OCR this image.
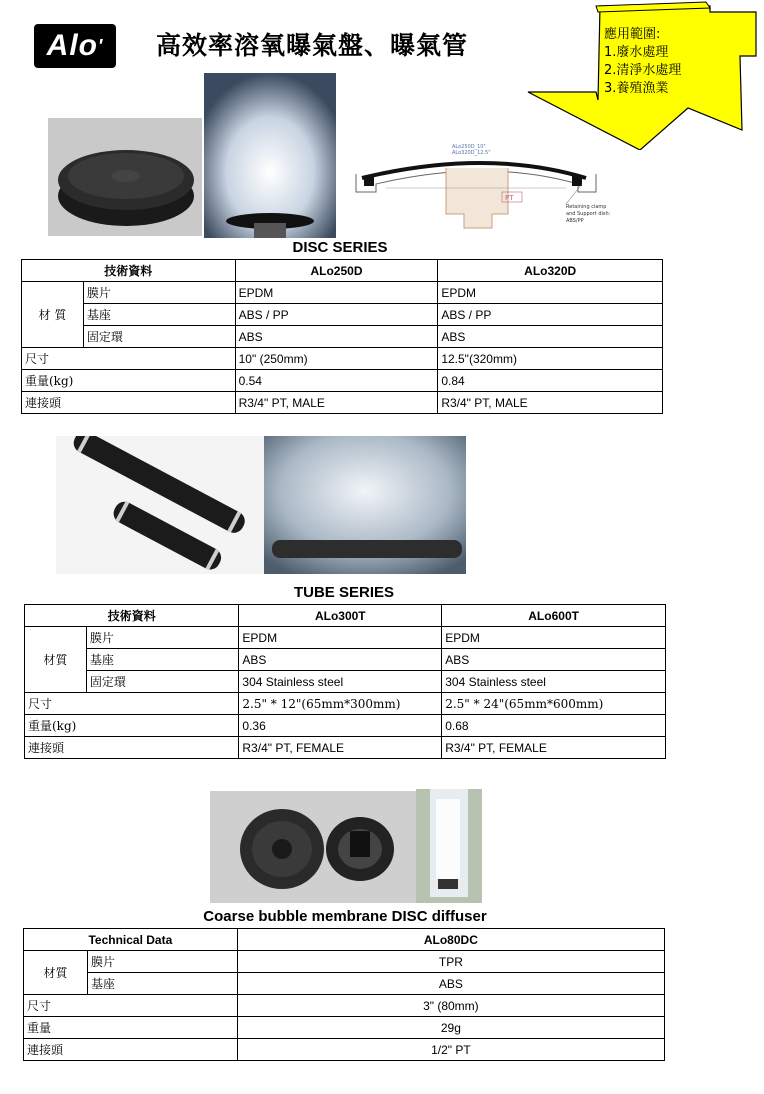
Alo′	高效率溶氧曝氣盤、曝氣管	應用範圍:
1.廢水處理
2.清淨水處理
3.養殖漁業
ALo250D_10"
ALo320D_12.5"
PT
Retaining clamp
and Support dish:
ABS/PP
DISC SERIES
技術資料		ALo250D	ALo320D
材 質	膜片	EPDM	EPDM
	基座	ABS / PP	ABS / PP
	固定環	ABS	ABS
尺寸		10" (250mm)	12.5"(320mm)
重量(kg)		0.54	0.84
連接頭		R3/4" PT, MALE	R3/4" PT, MALE
TUBE SERIES
技術資料		ALo300T	ALo600T
材質	膜片	EPDM	EPDM
	基座	ABS	ABS
	固定環	304 Stainless steel	304 Stainless steel
尺寸		2.5" * 12"(65mm*300mm)	2.5" * 24"(65mm*600mm)
重量(kg)		0.36	0.68
連接頭		R3/4" PT, FEMALE	R3/4" PT, FEMALE
Coarse bubble membrane DISC diffuser
Technical Data		ALo80DC
材質	膜片	TPR
	基座	ABS
尺寸		3" (80mm)
重量		29g
連接頭		1/2" PT
